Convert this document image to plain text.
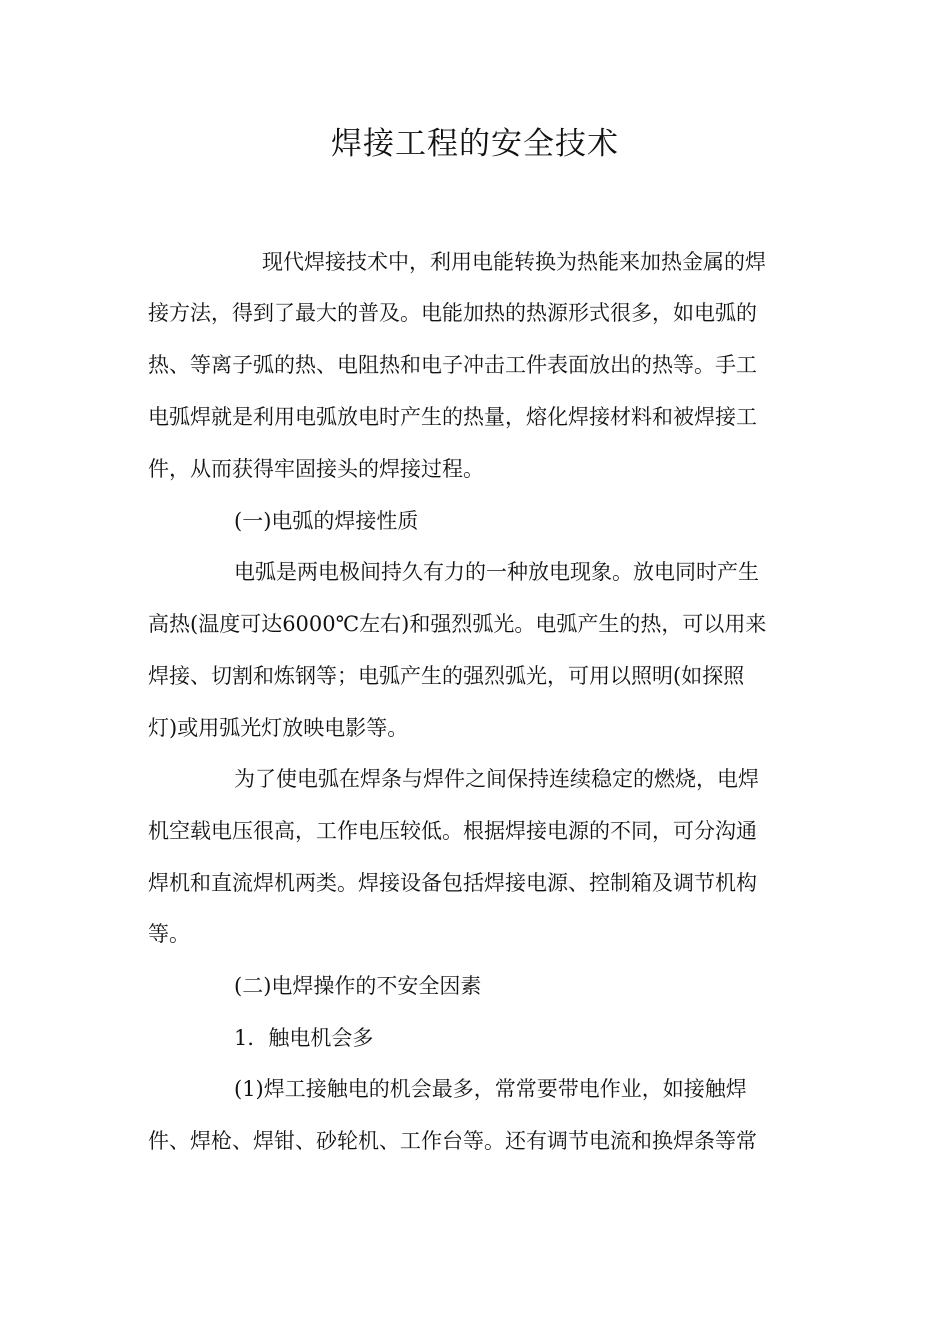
焊接工程的安全技术
现代焊接技术中，利用电能转换为热能来加热金属的焊
接方法，得到了最大的普及。电能加热的热源形式很多，如电弧的
热、等离子弧的热、电阻热和电子冲击工件表面放出的热等。手工
电弧焊就是利用电弧放电时产生的热量，熔化焊接材料和被焊接工
件，从而获得牢固接头的焊接过程。
(一)电弧的焊接性质
电弧是两电极间持久有力的一种放电现象。放电同时产生
高热(温度可达6000℃左右)和强烈弧光。电弧产生的热，可以用来
焊接、切割和炼钢等；电弧产生的强烈弧光，可用以照明(如探照
灯)或用弧光灯放映电影等。
为了使电弧在焊条与焊件之间保持连续稳定的燃烧，电焊
机空载电压很高，工作电压较低。根据焊接电源的不同，可分沟通
焊机和直流焊机两类。焊接设备包括焊接电源、控制箱及调节机构
等。
(二)电焊操作的不安全因素
1．触电机会多
(1)焊工接触电的机会最多，常常要带电作业，如接触焊
件、焊枪、焊钳、砂轮机、工作台等。还有调节电流和换焊条等常
